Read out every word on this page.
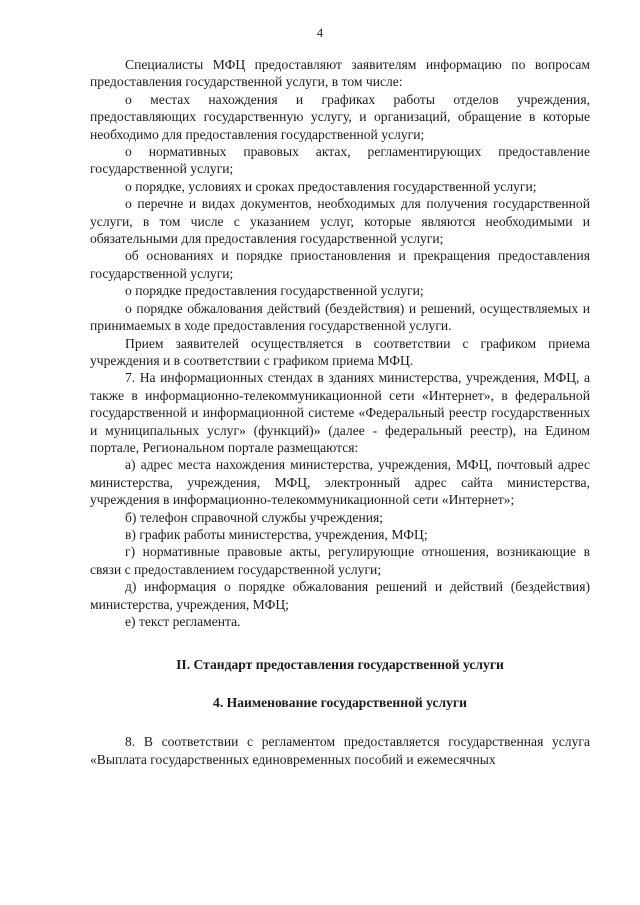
4

Специалисты МФЦ предоставляют заявителям информацию по вопросам предоставления государственной услуги, в том числе:

о местах нахождения и графиках работы отделов учреждения, предоставляющих государственную услугу, и организаций, обращение в которые необходимо для предоставления государственной услуги;

о нормативных правовых актах, регламентирующих предоставление государственной услуги;

о порядке, условиях и сроках предоставления государственной услуги;

о перечне и видах документов, необходимых для получения государственной услуги, в том числе с указанием услуг, которые являются необходимыми и обязательными для предоставления государственной услуги;

об основаниях и порядке приостановления и прекращения предоставления государственной услуги;

о порядке предоставления государственной услуги;

о порядке обжалования действий (бездействия) и решений, осуществляемых и принимаемых в ходе предоставления государственной услуги.

Прием заявителей осуществляется в соответствии с графиком приема учреждения и в соответствии с графиком приема МФЦ.

7. На информационных стендах в зданиях министерства, учреждения, МФЦ, а также в информационно-телекоммуникационной сети «Интернет», в федеральной государственной и информационной системе «Федеральный реестр государственных и муниципальных услуг» (функций)» (далее - федеральный реестр), на Едином портале, Региональном портале размещаются:

а) адрес места нахождения министерства, учреждения, МФЦ, почтовый адрес министерства, учреждения, МФЦ, электронный адрес сайта министерства, учреждения в информационно-телекоммуникационной сети «Интернет»;

б) телефон справочной службы учреждения;

в) график работы министерства, учреждения, МФЦ;

г) нормативные правовые акты, регулирующие отношения, возникающие в связи с предоставлением государственной услуги;

д) информация о порядке обжалования решений и действий (бездействия) министерства, учреждения, МФЦ;

е) текст регламента.

II. Стандарт предоставления государственной услуги

4. Наименование государственной услуги

8. В соответствии с регламентом предоставляется государственная услуга «Выплата государственных единовременных пособий и ежемесячных
